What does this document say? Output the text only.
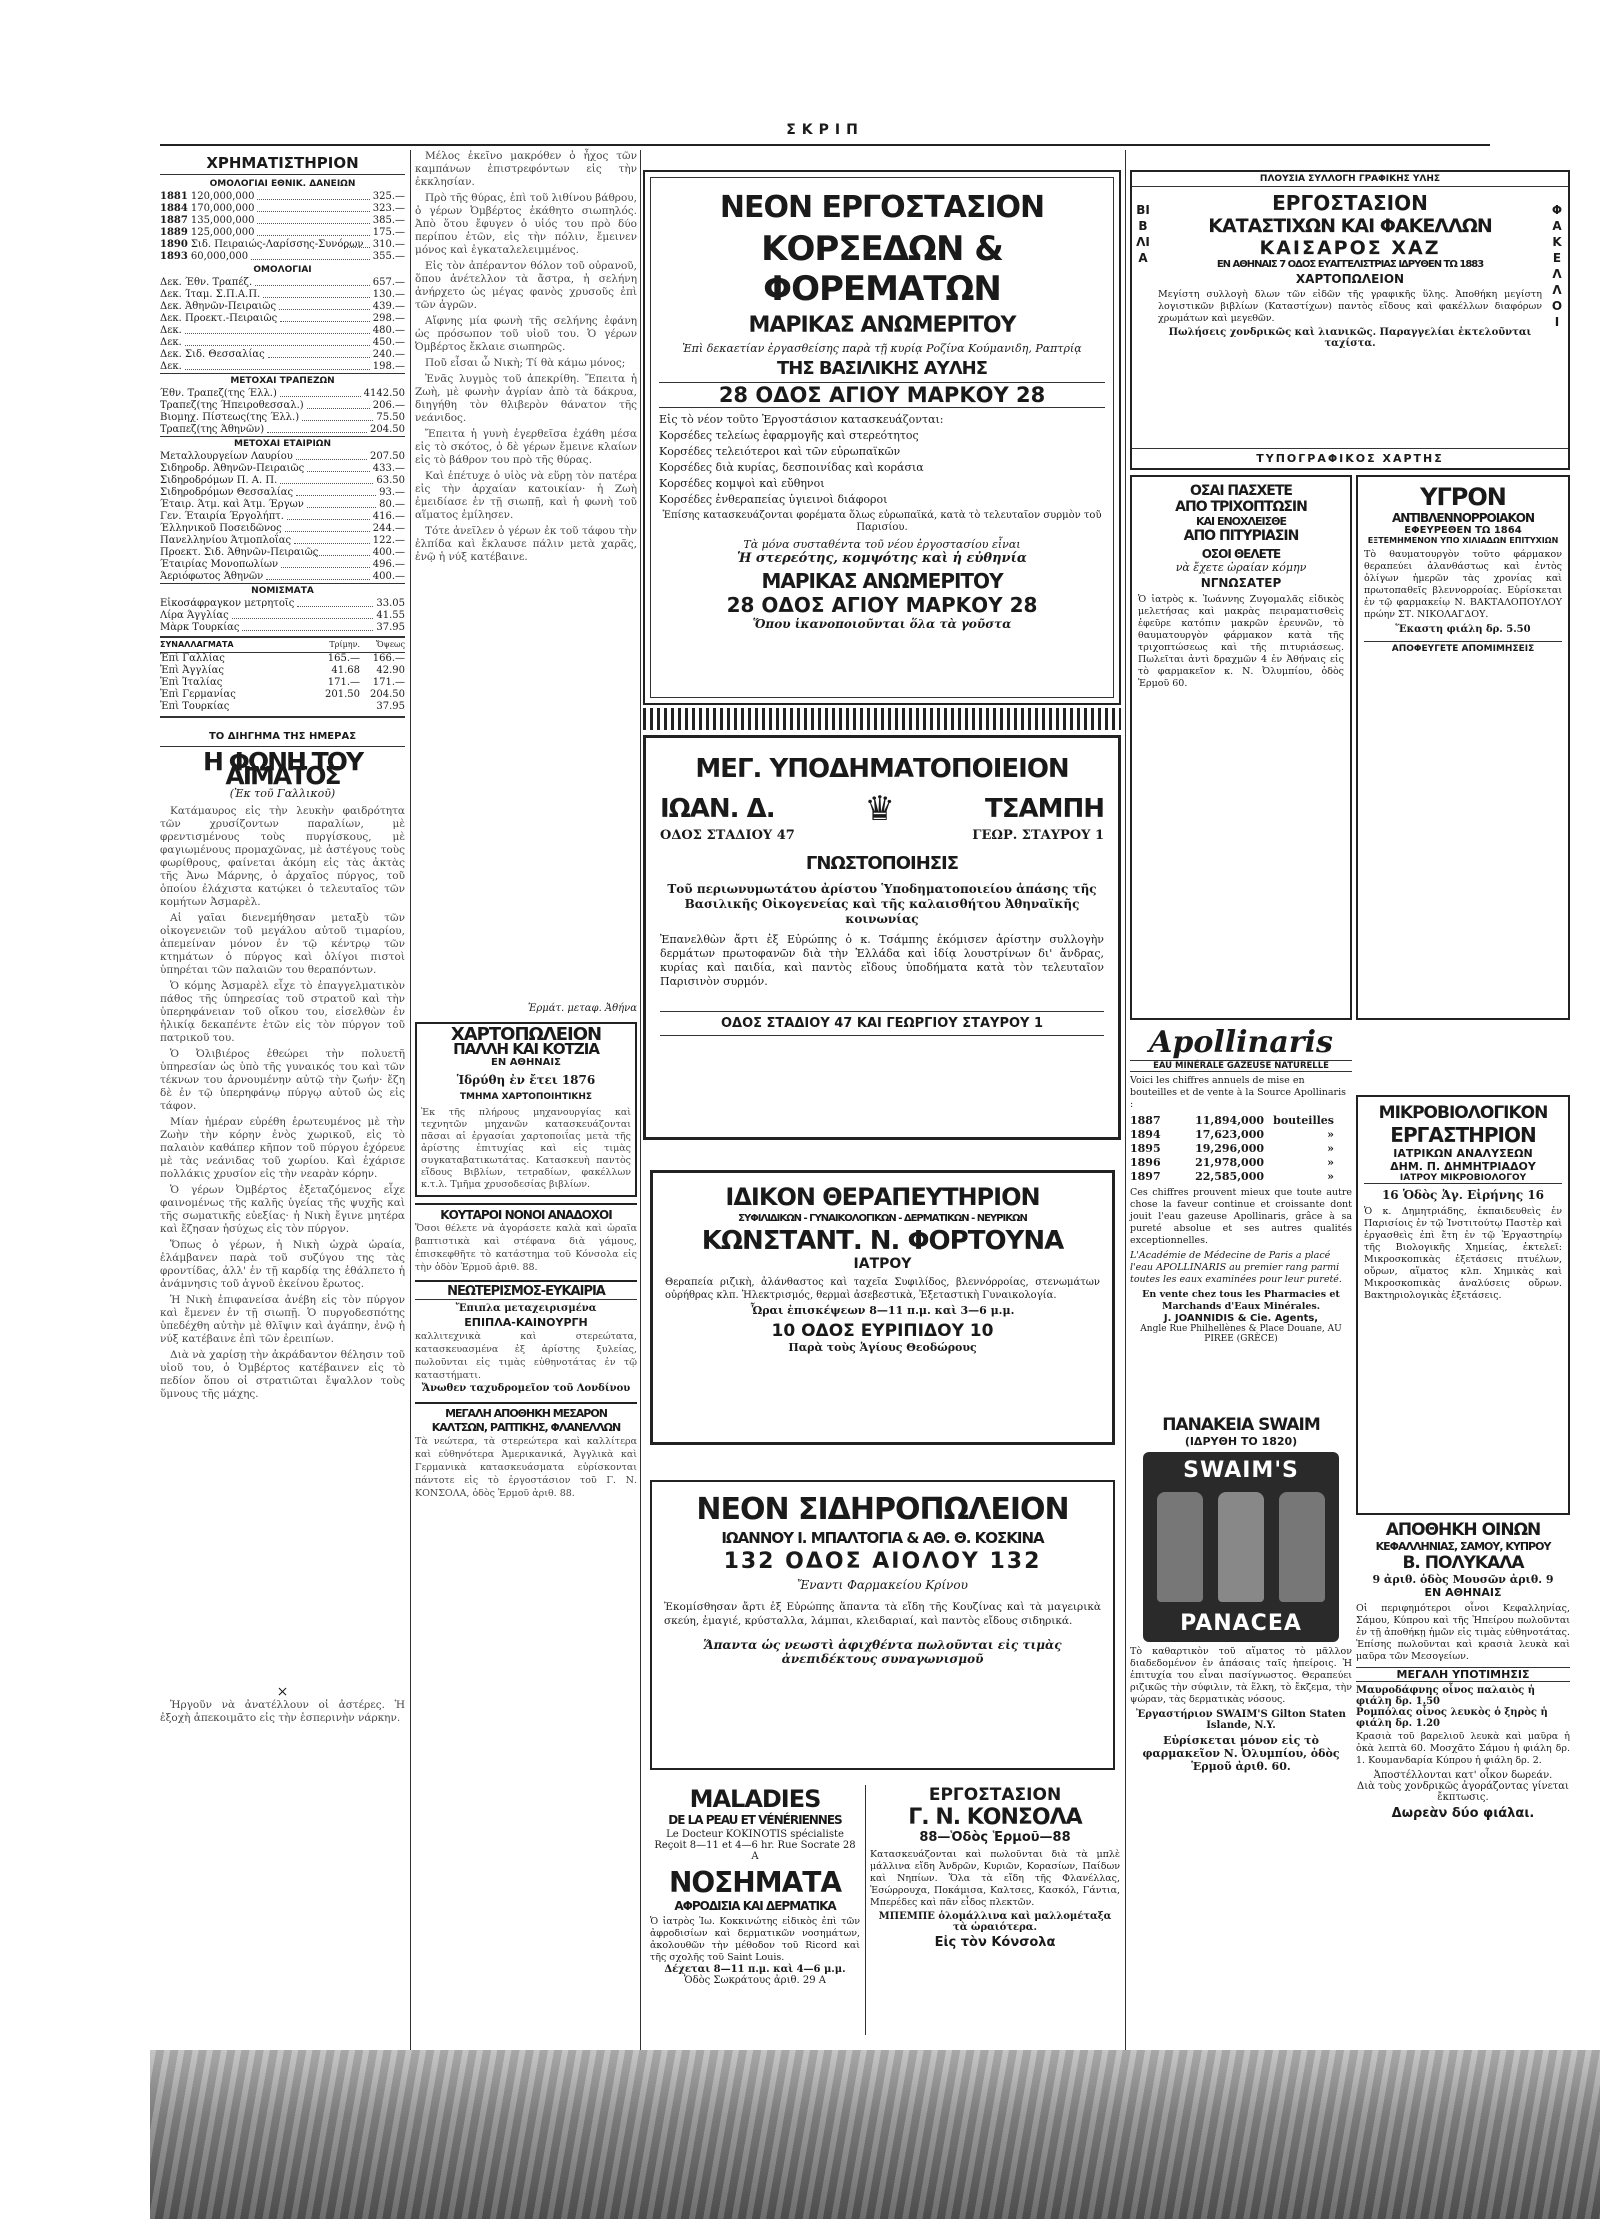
ΣΚΡΙΠ
ΧΡΗΜΑΤΙΣΤΗΡΙΟΝ
ΟΜΟΛΟΓΙΑΙ ΕΘΝΙΚ. ΔΑΝΕΙΩΝ
1881 120,000,000	325.—
1884 170,000,000	323.—
1887 135,000,000	385.—
1889 125,000,000	175.—
1890 Σιδ. Πειραιώς-Λαρίσσης-Συνόρων 310.—
1893 60,000,000	355.—
ΟΜΟΛΟΓΙΑΙ
Δεκ. Έθν. Τραπέζ.	657.—
Δεκ. Ίταμ. Σ.Π.Α.Π.	130.—
Δεκ. Άθηνῶν-Πειραιῶς	439.—
Δεκ. Προεκτ.-Πειραιῶς	298.—
Δεκ.	480.—
Δεκ.	450.—
Δεκ. Σιδ. Θεσσαλίας	240.—
Δεκ.	198.—
ΜΕΤΟΧΑΙ ΤΡΑΠΕΖΩΝ
Έθν. Τραπεζ(της Έλλ.)	4142.50
Τραπεζ(της Ήπειροθεσσαλ.)	206.—
Βιομηχ. Πίστεως(της Έλλ.)	75.50
Τραπεζ(της Άθηνῶν)	204.50
ΜΕΤΟΧΑΙ ΕΤΑΙΡΙΩΝ
Μεταλλουργείων Λαυρίου	207.50
Σιδηροδρ. Άθηνῶν-Πειραιῶς	433.—
Σιδηροδρόμων Π. Α. Π.	63.50
Σιδηροδρόμων Θεσσαλίας	93.—
Έταιρ. Άτμ. καὶ Άτμ. Έργων	80.—
Γεν. Έταιρία Έργολήπτ.	416.—
Έλληνικοῦ Ποσειδῶνος	244.—
Πανελληνίου Άτμοπλοΐας	122.—
Προεκτ. Σιδ. Άθηνῶν-Πειραιῶς	400.—
Έταιρίας Μονοπωλίων	496.—
Άεριόφωτος Άθηνῶν	400.—
ΝΟΜΙΣΜΑΤΑ
Εἰκοσάφραγκον μετρητοῖς	33.05
Λίρα Άγγλίας	41.55
Μὰρκ Τουρκίας	37.95
ΣΥΝΑΛΛΑΓΜΑΤΑ	Τρίμην.	Ὄψεως
Ἐπὶ Γαλλίας	165.—	166.—
Ἐπὶ Ἀγγλίας	41.68	42.90
Ἐπὶ Ἰταλίας	171.—	171.—
Ἐπὶ Γερμανίας	201.50	204.50
Ἐπὶ Τουρκίας	37.95
ΤΟ ΔΙΗΓΗΜΑ ΤΗΣ ΗΜΕΡΑΣ
Η ΦΩΝΗ ΤΟΥ ΑΙΜΑΤΟΣ
(Ἐκ τοῦ Γαλλικοῦ)

Κατάμαυρος εἰς τὴν λευκὴν φαιδρότητα τῶν χρυσίζοντων παραλίων, μὲ φρεντισμένους τοὺς πυργίσκους, μὲ φαγιωμένους προμαχῶνας, μὲ ἀστέγους τοὺς φωρίθρους, φαίνεται ἀκόμη εἰς τὰς ἀκτὰς τῆς Ἀνω Μάρνης, ὁ ἀρχαῖος πύργος, τοῦ ὁποίου ἐλάχιστα κατῴκει ὁ τελευταῖος τῶν κομήτων Ἀσμαρὲλ.

Αἱ γαῖαι διενεμήθησαν μεταξὺ τῶν οἰκογενειῶν τοῦ μεγάλου αὐτοῦ τιμαρίου, ἀπεμείναν μόνον ἐν τῷ κέντρῳ τῶν κτημάτων ὁ πύργος καὶ ὀλίγοι πιστοὶ ὑπηρέται τῶν παλαιῶν του θεραπόντων.

Ὁ κόμης Ἀσμαρὲλ εἶχε τὸ ἐπαγγελματικὸν πάθος τῆς ὑπηρεσίας τοῦ στρατοῦ καὶ τὴν ὑπερηφάνειαν τοῦ οἴκου του, εἰσελθὼν ἐν ἡλικίᾳ δεκαπέντε ἐτῶν εἰς τὸν πύργον τοῦ πατρικοῦ του.

Ὁ Ὀλιβιέρος ἐθεώρει τὴν πολυετῆ ὑπηρεσίαν ὡς ὑπὸ τῆς γυναικός του καὶ τῶν τέκνων του ἀρνουμένην αὐτῷ τὴν ζωήν· ἔζη δὲ ἐν τῷ ὑπερηφάνῳ πύργῳ αὐτοῦ ὡς εἰς τάφον.

Μίαν ἡμέραν εὑρέθη ἐρωτευμένος μὲ τὴν Ζωὴν τὴν κόρην ἐνὸς χωρικοῦ, εἰς τὸ παλαιὸν καθάπερ κῆπον τοῦ πύργου ἐχόρευε μὲ τὰς νεάνιδας τοῦ χωρίου. Καὶ ἐχάρισε πολλάκις χρυσίον εἰς τὴν νεαρὰν κόρην.

Ὁ γέρων Ὀμβέρτος ἐξεταζόμενος εἶχε φαινομένως τῆς καλῆς ὑγείας τῆς ψυχῆς καὶ τῆς σωματικῆς εὐεξίας· ἡ Νικὴ ἔγινε μητέρα καὶ ἔζησαν ἡσύχως εἰς τὸν πύργον.

Ὅπως ὁ γέρων, ἡ Νικὴ ὠχρὰ ὠραία, ἐλάμβανεν παρὰ τοῦ συζύγου της τὰς φροντίδας, ἀλλ' ἐν τῇ καρδίᾳ της ἐθάλπετο ἡ ἀνάμνησις τοῦ ἀγνοῦ ἐκείνου ἔρωτος.

Ἡ Νικὴ ἐπιφανείσα ἀνέβη εἰς τὸν πύργον καὶ ἔμενεν ἐν τῇ σιωπῇ. Ὁ πυργοδεσπότης ὑπεδέχθη αὐτὴν μὲ θλῖψιν καὶ ἀγάπην, ἐνῷ ἡ νύξ κατέβαινε ἐπὶ τῶν ἐρειπίων.

Διὰ νὰ χαρίσῃ τὴν ἀκράδαντον θέλησιν τοῦ υἱοῦ του, ὁ Ὀμβέρτος κατέβαινεν εἰς τὸ πεδίον ὅπου οἱ στρατιῶται ἔψαλλον τοὺς ὕμνους τῆς μάχης.

×
Ἠργοῦν νὰ ἀνατέλλουν οἱ ἀστέρες. Ἡ ἐξοχὴ ἀπεκοιμᾶτο εἰς τὴν ἑσπερινὴν νάρκην.

Μέλος ἐκεῖνο μακρόθεν ὁ ἦχος τῶν καμπάνων ἐπιστρεφόντων εἰς τὴν ἐκκλησίαν.

Πρὸ τῆς θύρας, ἐπὶ τοῦ λιθίνου βάθρου, ὁ γέρων Ὀμβέρτος ἐκάθητο σιωπηλός. Ἀπὸ ὅτου ἔφυγεν ὁ υἱός του πρὸ δύο περίπου ἐτῶν, εἰς τὴν πόλιν, ἔμεινεν μόνος καὶ ἐγκαταλελειμμένος.

Εἰς τὸν ἀπέραντον θόλον τοῦ οὐρανοῦ, ὅπου ἀνέτελλον τὰ ἄστρα, ἡ σελήνη ἀνήρχετο ὡς μέγας φανὸς χρυσοῦς ἐπὶ τῶν ἀγρῶν.

Αἴφνης μία φωνὴ τῆς σελήνης ἐφάνη ὡς πρόσωπον τοῦ υἱοῦ του. Ὁ γέρων Ὀμβέρτος ἔκλαιε σιωπηρῶς.

Ποῦ εἶσαι ὦ Νικὴ; Τί θὰ κάμω μόνος;

Ἐνᾶς λυγμὸς τοῦ ἀπεκρίθη. Ἔπειτα ἡ Ζωὴ, μὲ φωνὴν ἀγρίαν ἀπὸ τὰ δάκρυα, διηγήθη τὸν θλιβερὸν θάνατον τῆς νεάνιδος.

Ἔπειτα ἡ γυνὴ ἐγερθεῖσα ἐχάθη μέσα εἰς τὸ σκότος, ὁ δὲ γέρων ἔμεινε κλαίων εἰς τὸ βάθρον του πρὸ τῆς θύρας.

Καὶ ἐπέτυχε ὁ υἱὸς νὰ εὕρῃ τὸν πατέρα εἰς τὴν ἀρχαίαν κατοικίαν· ἡ Ζωὴ ἐμειδίασε ἐν τῇ σιωπῇ, καὶ ἡ φωνὴ τοῦ αἵματος ἐμίλησεν.

Τότε ἀνεῖλεν ὁ γέρων ἐκ τοῦ τάφου τὴν ἐλπίδα καὶ ἔκλαυσε πάλιν μετὰ χαρᾶς, ἐνῷ ἡ νύξ κατέβαινε.

Ἐρμάτ. μεταφ. Ἀθήνα
ΧΑΡΤΟΠΩΛΕΙΟΝ
ΠΑΛΛΗ ΚΑΙ ΚΟΤΖΙΑ
ΕΝ ΑΘΗΝΑΙΣ
Ἱδρύθη ἐν ἔτει 1876
ΤΜΗΜΑ ΧΑΡΤΟΠΟΙΗΤΙΚΗΣ
Ἐκ τῆς πλήρους μηχανουργίας καὶ τεχνητῶν μηχανῶν κατασκευάζονται πᾶσαι αἱ ἐργασίαι χαρτοποιΐας μετὰ τῆς ἀρίστης ἐπιτυχίας καὶ εἰς τιμὰς συγκαταβατικωτάτας. Κατασκευὴ παντὸς εἴδους Βιβλίων, τετραδίων, φακέλλων κ.τ.λ. Τμῆμα χρυσοδεσίας βιβλίων.
ΚΟΥΤΑΡΟΙ ΝΟΝΟΙ ΑΝΑΔΟΧΟΙ
Ὅσοι θέλετε νὰ ἀγοράσετε καλὰ καὶ ὡραῖα βαπτιστικὰ καὶ στέφανα διὰ γάμους, ἐπισκεφθῆτε τὸ κατάστημα τοῦ Κόνσολα εἰς τὴν ὁδὸν Ἑρμοῦ ἀριθ. 88.
ΝΕΩΤΕΡΙΣΜΟΣ-ΕΥΚΑΙΡΙΑ
Ἔπιπλα μεταχειρισμένα
ΕΠΙΠΛΑ-ΚΑΙΝΟΥΡΓΗ
καλλιτεχνικὰ καὶ στερεώτατα, κατασκευασμένα ἐξ ἀρίστης ξυλείας, πωλοῦνται εἰς τιμὰς εὐθηνοτάτας ἐν τῷ καταστήματι.
Ἄνωθεν ταχυδρομεῖον τοῦ Λονδίνου
ΜΕΓΑΛΗ ΑΠΟΘΗΚΗ ΜΕΣΑΡΟΝ
ΚΑΛΤΣΩΝ, ΡΑΠΤΙΚΗΣ, ΦΛΑΝΕΛΛΩΝ
Τὰ νεώτερα, τὰ στερεώτερα καὶ καλλίτερα καὶ εὐθηνότερα Ἀμερικανικά, Ἀγγλικὰ καὶ Γερμανικὰ κατασκευάσματα εὑρίσκονται πάντοτε εἰς τὸ ἐργοστάσιον τοῦ Γ. Ν. ΚΟΝΣΟΛΑ, ὁδὸς Ἑρμοῦ ἀριθ. 88.
ΝΕΟΝ ΕΡΓΟΣΤΑΣΙΟΝ
ΚΟΡΣΕΔΩΝ & ΦΟΡΕΜΑΤΩΝ
ΜΑΡΙΚΑΣ ΑΝΩΜΕΡΙΤΟΥ
Ἐπὶ δεκαετίαν ἐργασθείσης παρὰ τῇ κυρίᾳ Ροζίνα Κούμανιδη, Ραπτρίᾳ
ΤΗΣ ΒΑΣΙΛΙΚΗΣ ΑΥΛΗΣ
28 ΟΔΟΣ ΑΓΙΟΥ ΜΑΡΚΟΥ 28
Εἰς τὸ νέον τοῦτο Ἐργοστάσιον κατασκευάζονται:
Κορσέδες τελείως ἐφαρμογῆς καὶ στερεότητος
Κορσέδες τελειότεροι καὶ τῶν εὐρωπαϊκῶν
Κορσέδες διὰ κυρίας, δεσποινίδας καὶ κοράσια
Κορσέδες κομψοὶ καὶ εὔθηνοι
Κορσέδες ἐνθεραπείας ὑγιεινοὶ διάφοροι
Ἐπίσης κατασκευάζονται φορέματα ὅλως εὐρωπαϊκά, κατὰ τὸ τελευταῖον συρμὸν τοῦ Παρισίου.
Τὰ μόνα συσταθέντα τοῦ νέου ἐργοστασίου εἶναι
Ἡ στερεότης, κομψότης καὶ ἡ εὐθηνία
ΜΑΡΙΚΑΣ ΑΝΩΜΕΡΙΤΟΥ
28 ΟΔΟΣ ΑΓΙΟΥ ΜΑΡΚΟΥ 28
Ὅπου ἱκανοποιοῦνται ὅλα τὰ γοῦστα
ΜΕΓ. ΥΠΟΔΗΜΑΤΟΠΟΙΕΙΟΝ
ΙΩΑΝ. Δ.	♛	ΤΣΑΜΠΗ
ΟΔΟΣ ΣΤΑΔΙΟΥ 47	ΓΕΩΡ. ΣΤΑΥΡΟΥ 1
ΓΝΩΣΤΟΠΟΙΗΣΙΣ
Τοῦ περιωνυμωτάτου ἀρίστου Ὑποδηματοποιείου ἁπάσης τῆς Βασιλικῆς Οἰκογενείας καὶ τῆς καλαισθήτου Ἀθηναϊκῆς κοινωνίας
Ἐπανελθὼν ἄρτι ἐξ Εὐρώπης ὁ κ. Τσάμπης ἐκόμισεν ἀρίστην συλλογὴν δερμάτων πρωτοφανῶν διὰ τὴν Ἑλλάδα καὶ ἰδίᾳ λουστρίνων δι' ἄνδρας, κυρίας καὶ παιδία, καὶ παντὸς εἴδους ὑποδήματα κατὰ τὸν τελευταῖον Παρισινὸν συρμόν.
ΟΔΟΣ ΣΤΑΔΙΟΥ 47 ΚΑΙ ΓΕΩΡΓΙΟΥ ΣΤΑΥΡΟΥ 1
ΙΔΙΚΟΝ ΘΕΡΑΠΕΥΤΗΡΙΟΝ
ΣΥΦΙΛΙΔΙΚΩΝ - ΓΥΝΑΙΚΟΛΟΓΙΚΩΝ - ΔΕΡΜΑΤΙΚΩΝ - ΝΕΥΡΙΚΩΝ
ΚΩΝΣΤΑΝΤ. Ν. ΦΟΡΤΟΥΝΑ
ΙΑΤΡΟΥ
Θεραπεία ριζικὴ, ἀλάνθαστος καὶ ταχεῖα Συφιλίδος, βλεννόρροίας, στενωμάτων οὐρήθρας κλπ. Ἠλεκτρισμός, θερμαὶ ἀσεβεστικὰ, Ἐξεταστικὴ Γυναικολογία.
Ὧραι ἐπισκέψεων 8—11 π.μ. καὶ 3—6 μ.μ.
10 ΟΔΟΣ ΕΥΡΙΠΙΔΟΥ 10
Παρὰ τοὺς Ἁγίους Θεοδώρους
ΝΕΟΝ ΣΙΔΗΡΟΠΩΛΕΙΟΝ
ΙΩΑΝΝΟΥ Ι. ΜΠΑΛΤΟΓΙΑ & ΑΘ. Θ. ΚΟΣΚΙΝΑ
132 ΟΔΟΣ ΑΙΟΛΟΥ 132
Ἔναντι Φαρμακείου Κρίνου
Ἐκομίσθησαν ἄρτι ἐξ Εὐρώπης ἅπαντα τὰ εἴδη τῆς Κουζίνας καὶ τὰ μαγειρικὰ σκεύη, ἐμαγιέ, κρύσταλλα, λάμπαι, κλειδαριαί, καὶ παντὸς εἴδους σιδηρικά.
Ἅπαντα ὡς νεωστὶ ἀφιχθέντα πωλοῦνται εἰς τιμὰς ἀνεπιδέκτους συναγωνισμοῦ
MALADIES
DE LA PEAU ET VÉNÉRIENNES
Le Docteur KOKINOTIS spécialiste
Reçoit 8—11 et 4—6 hr. Rue Socrate 28 A
ΝΟΣΗΜΑΤΑ
ΑΦΡΟΔΙΣΙΑ ΚΑΙ ΔΕΡΜΑΤΙΚΑ
Ὁ ἰατρὸς Ἰω. Κοκκινώτης εἰδικὸς ἐπὶ τῶν ἀφροδισίων καὶ δερματικῶν νοσημάτων, ἀκολουθῶν τὴν μέθοδον τοῦ Ricord καὶ τῆς σχολῆς τοῦ Saint Louis.
Δέχεται 8—11 π.μ. καὶ 4—6 μ.μ.
Ὁδὸς Σωκράτους ἀριθ. 29 Α
ΕΡΓΟΣΤΑΣΙΟΝ
Γ. Ν. ΚΟΝΣΟΛΑ
88—Ὁδὸς Ἑρμοῦ—88
Κατασκευάζονται καὶ πωλοῦνται διὰ τὰ μπλὲ μάλλινα εἴδη Ἀνδρῶν, Κυριῶν, Κορασίων, Παίδων καὶ Νηπίων. Ὅλα τὰ εἴδη τῆς Φλανέλλας, Ἐσώρρουχα, Ποκάμισα, Καλτσες, Κασκόλ, Γάντια, Μπερέδες καὶ πᾶν εἶδος πλεκτῶν.
ΜΠΕΜΠΕ ὁλομάλλινα καὶ μαλλομέταξα τὰ ὡραιότερα.
Εἰς τὸν Κόνσολα
ΠΛΟΥΣΙΑ ΣΥΛΛΟΓΗ ΓΡΑΦΙΚΗΣ ΥΛΗΣ
ΒΙΒΛΙΑ
ΦΑΚΕΛΛΟΙ
ΕΡΓΟΣΤΑΣΙΟΝ
ΚΑΤΑΣΤΙΧΩΝ ΚΑΙ ΦΑΚΕΛΛΩΝ
ΚΑΙΣΑΡΟΣ ΧΑΖ
ΕΝ ΑΘΗΝΑΙΣ 7 ΟΔΟΣ ΕΥΑΓΓΕΛΙΣΤΡΙΑΣ ΙΔΡΥΘΕΝ ΤΩ 1883
ΧΑΡΤΟΠΩΛΕΙΟΝ
Μεγίστη συλλογὴ δλων τῶν εἰδῶν τῆς γραφικῆς ὕλης. Ἀποθήκη μεγίστη λογιστικῶν βιβλίων (Καταστίχων) παντὸς εἴδους καὶ φακέλλων διαφόρων χρωμάτων καὶ μεγεθῶν.
Πωλήσεις χονδρικῶς καὶ λιανικῶς. Παραγγελίαι ἐκτελοῦνται ταχίστα.
ΤΥΠΟΓΡΑΦΙΚΟΣ ΧΑΡΤΗΣ
ΟΣΑΙ ΠΑΣΧΕΤΕ
ΑΠΟ ΤΡΙΧΟΠΤΩΣΙΝ
ΚΑΙ ΕΝΟΧΛΕΙΣΘΕ
ΑΠΟ ΠΙΤΥΡΙΑΣΙΝ
ΟΣΟΙ ΘΕΛΕΤΕ
νὰ ἔχετε ὡραίαν κόμην
ΝΓΝΩΣΑΤΕΡ
Ὁ ἰατρὸς κ. Ἰωάννης Ζυγομαλᾶς εἰδικὸς μελετήσας καὶ μακρὰς πειραματισθεὶς ἐφεῦρε κατόπιν μακρῶν ἐρευνῶν, τὸ θαυματουργὸν φάρμακον κατὰ τῆς τριχοπτώσεως καὶ τῆς πιτυριάσεως. Πωλεῖται ἀντὶ δραχμῶν 4 ἐν Ἀθήναις εἰς τὸ φαρμακεῖον κ. Ν. Ὀλυμπίου, ὁδὸς Ἑρμοῦ 60.
ΥΓΡΟΝ
ΑΝΤΙΒΛΕΝΝΟΡΡΟΙΑΚΟΝ
ΕΦΕΥΡΕΘΕΝ ΤΩ 1864
ΕΞΤΕΜΗΜΕΝΟΝ ΥΠΟ ΧΙΛΙΑΔΩΝ ΕΠΙΤΥΧΙΩΝ
Τὸ θαυματουργὸν τοῦτο φάρμακον θεραπεύει ἀλανθάστως καὶ ἐντὸς ὀλίγων ἡμερῶν τὰς χρονίας καὶ πρωτοπαθεῖς βλεννορροίας. Εὑρίσκεται ἐν τῷ φαρμακείῳ Ν. ΒΑΚΤΑΛΟΠΟΥΛΟΥ πρώην ΣΤ. ΝΙΚΟΛΑΓΔΟΥ.
Ἕκαστη φιάλη δρ. 5.50
ΑΠΟΦΕΥΓΕΤΕ ΑΠΟΜΙΜΗΣΕΙΣ
Apollinaris
EAU MINÉRALE GAZEUSE NATURELLE
Voici les chiffres annuels de mise en bouteilles et de vente à la Source Apollinaris :
1887	11,894,000 bouteilles
1894	17,623,000	»
1895	19,296,000	»
1896	21,978,000	»
1897	22,585,000	»
Ces chiffres prouvent mieux que toute autre chose la faveur continue et croissante dont jouit l'eau gazeuse Apollinaris, grâce à sa pureté absolue et ses autres qualités exceptionnelles.
L'Académie de Médecine de Paris a placé l'eau APOLLINARIS au premier rang parmi toutes les eaux examinées pour leur pureté.
En vente chez tous les Pharmacies et Marchands d'Eaux Minérales.
J. JOANNIDIS & Cie. Agents,
Angle Rue Philhellènes & Place Douane, AU PIREE (GRÈCE)
ΠΑΝΑΚΕΙΑ SWAIM
(ΙΔΡΥΘΗ ΤΟ 1820)
SWAIM'S
PANACEA
Τὸ καθαρτικὸν τοῦ αἵματος τὸ μᾶλλον διαδεδομένον ἐν ἁπάσαις ταῖς ἠπείροις. Ἡ ἐπιτυχία του εἶναι πασίγνωστος. Θεραπεύει ριζικῶς τὴν σύφιλιν, τὰ ἕλκη, τὸ ἔκζεμα, τὴν ψώραν, τὰς δερματικὰς νόσους.
Ἐργαστήριον SWAIM'S Gilton Staten Islande, N.Y.
Εὑρίσκεται μόνον εἰς τὸ φαρμακεῖον Ν. Ὀλυμπίου, ὁδὸς Ἑρμοῦ ἀριθ. 60.
ΜΙΚΡΟΒΙΟΛΟΓΙΚΟΝ
ΕΡΓΑΣΤΗΡΙΟΝ
ΙΑΤΡΙΚΩΝ ΑΝΑΛΥΣΕΩΝ
ΔΗΜ. Π. ΔΗΜΗΤΡΙΑΔΟΥ
ΙΑΤΡΟΥ ΜΙΚΡΟΒΙΟΛΟΓΟΥ
16 Ὁδὸς Ἁγ. Εἰρήνης 16
Ὁ κ. Δημητριάδης, ἐκπαιδευθεὶς ἐν Παρισίοις ἐν τῷ Ἰνστιτούτῳ Παστὲρ καὶ ἐργασθεὶς ἐπὶ ἔτη ἐν τῷ Ἐργαστηρίῳ τῆς Βιολογικῆς Χημείας, ἐκτελεῖ: Μικροσκοπικὰς ἐξετάσεις πτυέλων, οὔρων, αἵματος κλπ. Χημικὰς καὶ Μικροσκοπικὰς ἀναλύσεις οὔρων. Βακτηριολογικὰς ἐξετάσεις.
ΑΠΟΘΗΚΗ ΟΙΝΩΝ
ΚΕΦΑΛΛΗΝΙΑΣ, ΣΑΜΟΥ, ΚΥΠΡΟΥ
Β. ΠΟΛΥΚΑΛΑ
9 ἀριθ. ὁδὸς Μουσῶν ἀριθ. 9
ΕΝ ΑΘΗΝΑΙΣ
Οἱ περιφημότεροι οἶνοι Κεφαλληνίας, Σάμου, Κύπρου καὶ τῆς Ἠπείρου πωλοῦνται ἐν τῇ ἀποθήκῃ ἡμῶν εἰς τιμὰς εὐθηνοτάτας. Ἐπίσης πωλοῦνται καὶ κρασιὰ λευκὰ καὶ μαῦρα τῶν Μεσογείων.
ΜΕΓΑΛΗ ΥΠΟΤΙΜΗΣΙΣ
Μαυροδάφνης οἶνος παλαιὸς ἡ φιάλη δρ. 1.50
Ρομπόλας οἶνος λευκὸς ὁ ξηρὸς ἡ φιάλη δρ. 1.20
Κρασιὰ τοῦ βαρελιοῦ λευκὰ καὶ μαῦρα ἡ ὀκὰ λεπτὰ 60. Μοσχᾶτο Σάμου ἡ φιάλη δρ. 1. Κουμανδαρία Κύπρου ἡ φιάλη δρ. 2.
Ἀποστέλλονται κατ' οἶκον δωρεάν.
Διὰ τοὺς χονδρικῶς ἀγοράζοντας γίνεται ἔκπτωσις.
Δωρεὰν δύο φιάλαι.
